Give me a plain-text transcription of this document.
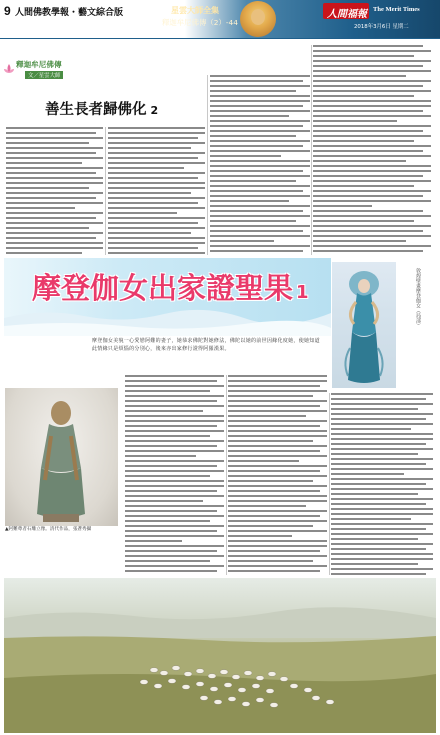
9 人間佛教學報・藝文綜合版	星雲大師全集
釋迦牟尼佛傳（2）-44
人間福報 The Merit Times
2018年3月6日 星期二
釋迦牟尼佛傳
文／星雲大師
善生長者歸佛化 2
敦煌壁畫摩登伽女（局部）
摩登伽女出家證聖果 1
摩登伽女美貌一心愛戀阿難的妻子，她恭求佛陀對她修法，佛陀以她的前世因緣化度她，使她知道此情緣只是煩惱的分別心，後來亦出家修行證得阿羅漢果。
▲阿難尊者石雕立像。清代作品，張蒼秀攝
